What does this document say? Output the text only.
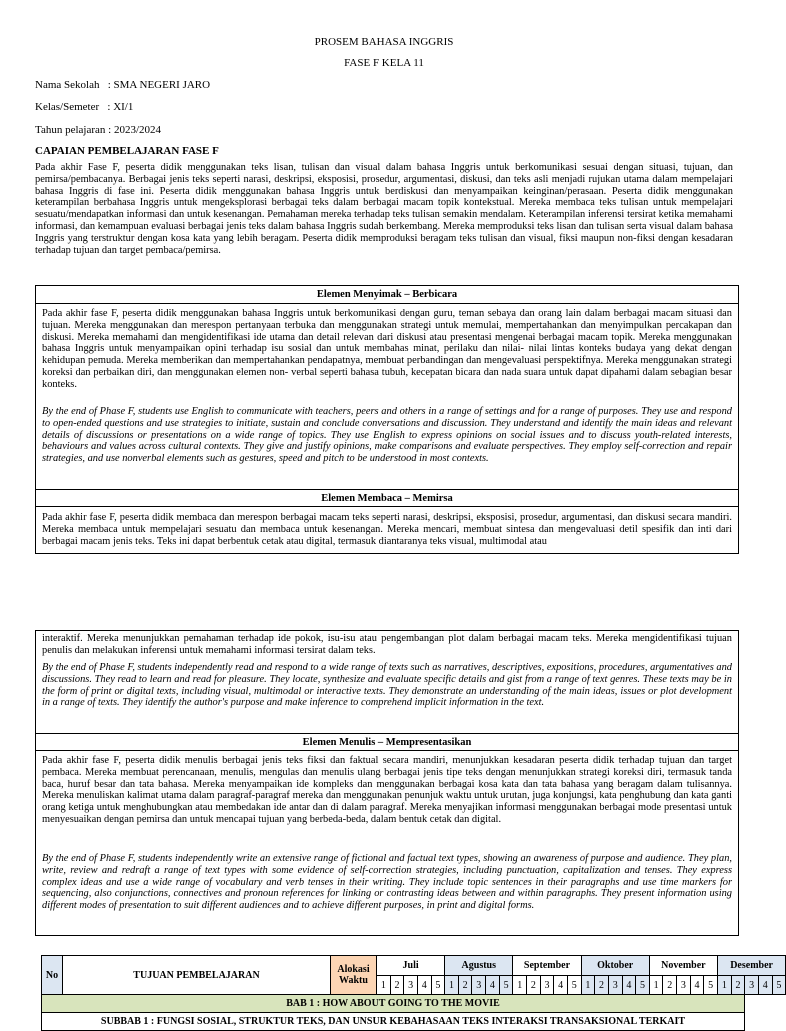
PROSEM BAHASA INGGRIS
FASE F KELA 11
Nama Sekolah   : SMA NEGERI JARO
Kelas/Semeter   : XI/1
Tahun pelajaran : 2023/2024
CAPAIAN PEMBELAJARAN FASE F

Pada akhir Fase F, peserta didik menggunakan teks lisan, tulisan dan visual dalam bahasa Inggris untuk berkomunikasi sesuai dengan situasi, tujuan, dan pemirsa/pembacanya. Berbagai jenis teks seperti narasi, deskripsi, eksposisi, prosedur, argumentasi, diskusi, dan teks asli menjadi rujukan utama dalam mempelajari bahasa Inggris di fase ini. Peserta didik menggunakan bahasa Inggris untuk berdiskusi dan menyampaikan keinginan/perasaan. Peserta didik menggunakan keterampilan berbahasa Inggris untuk mengeksplorasi berbagai teks dalam berbagai macam topik kontekstual. Mereka membaca teks tulisan untuk mempelajari sesuatu/mendapatkan informasi dan untuk kesenangan. Pemahaman mereka terhadap teks tulisan semakin mendalam. Keterampilan inferensi tersirat ketika memahami informasi, dan kemampuan evaluasi berbagai jenis teks dalam bahasa Inggris sudah berkembang. Mereka memproduksi teks lisan dan tulisan serta visual dalam bahasa Inggris yang terstruktur dengan kosa kata yang lebih beragam. Peserta didik memproduksi beragam teks tulisan dan visual, fiksi maupun non-fiksi dengan kesadaran terhadap tujuan dan target pembaca/pemirsa.

Elemen Menyimak – Berbicara

Pada akhir fase F, peserta didik menggunakan bahasa Inggris untuk berkomunikasi dengan guru, teman sebaya dan orang lain dalam berbagai macam situasi dan tujuan. Mereka menggunakan dan merespon pertanyaan terbuka dan menggunakan strategi untuk memulai, mempertahankan dan menyimpulkan percakapan dan diskusi. Mereka memahami dan mengidentifikasi ide utama dan detail relevan dari diskusi atau presentasi mengenai berbagai macam topik. Mereka menggunakan bahasa Inggris untuk menyampaikan opini terhadap isu sosial dan untuk membahas minat, perilaku dan nilai- nilai lintas konteks budaya yang dekat dengan kehidupan pemuda. Mereka memberikan dan mempertahankan pendapatnya, membuat perbandingan dan mengevaluasi perspektifnya. Mereka menggunakan strategi koreksi dan perbaikan diri, dan menggunakan elemen non- verbal seperti bahasa tubuh, kecepatan bicara dan nada suara untuk dapat dipahami dalam sebagian besar konteks.

By the end of Phase F, students use English to communicate with teachers, peers and others in a range of settings and for a range of purposes. They use and respond to open-ended questions and use strategies to initiate, sustain and conclude conversations and discussion. They understand and identify the main ideas and relevant details of discussions or presentations on a wide range of topics. They use English to express opinions on social issues and to discuss youth-related interests, behaviours and values across cultural contexts. They give and justify opinions, make comparisons and evaluate perspectives. They employ self-correction and repair strategies, and use nonverbal elements such as gestures, speed and pitch to be understood in most contexts.

Elemen Membaca – Memirsa

Pada akhir fase F, peserta didik membaca dan merespon berbagai macam teks seperti narasi, deskripsi, eksposisi, prosedur, argumentasi, dan diskusi secara mandiri. Mereka membaca untuk mempelajari sesuatu dan membaca untuk kesenangan. Mereka mencari, membuat sintesa dan mengevaluasi detil spesifik dan inti dari berbagai macam jenis teks. Teks ini dapat berbentuk cetak atau digital, termasuk diantaranya teks visual, multimodal atau

interaktif. Mereka menunjukkan pemahaman terhadap ide pokok, isu-isu atau pengembangan plot dalam berbagai macam teks. Mereka mengidentifikasi tujuan penulis dan melakukan inferensi untuk memahami informasi tersirat dalam teks.

By the end of Phase F, students independently read and respond to a wide range of texts such as narratives, descriptives, expositions, procedures, argumentatives and discussions. They read to learn and read for pleasure. They locate, synthesize and evaluate specific details and gist from a range of text genres. These texts may be in the form of print or digital texts, including visual, multimodal or interactive texts. They demonstrate an understanding of the main ideas, issues or plot development in a range of texts. They identify the author's purpose and make inference to comprehend implicit information in the text.

Elemen Menulis – Mempresentasikan

Pada akhir fase F, peserta didik menulis berbagai jenis teks fiksi dan faktual secara mandiri, menunjukkan kesadaran peserta didik terhadap tujuan dan target pembaca. Mereka membuat perencanaan, menulis, mengulas dan menulis ulang berbagai jenis tipe teks dengan menunjukkan strategi koreksi diri, termasuk tanda baca, huruf besar dan tata bahasa. Mereka menyampaikan ide kompleks dan menggunakan berbagai kosa kata dan tata bahasa yang beragam dalam tulisannya. Mereka menuliskan kalimat utama dalam paragraf-paragraf mereka dan menggunakan penunjuk waktu untuk urutan, juga konjungsi, kata penghubung dan kata ganti orang ketiga untuk menghubungkan atau membedakan ide antar dan di dalam paragraf. Mereka menyajikan informasi menggunakan berbagai mode presentasi untuk menyesuaikan dengan pemirsa dan untuk mencapai tujuan yang berbeda-beda, dalam bentuk cetak dan digital.

By the end of Phase F, students independently write an extensive range of fictional and factual text types, showing an awareness of purpose and audience. They plan, write, review and redraft a range of text types with some evidence of self-correction strategies, including punctuation, capitalization and tenses. They express complex ideas and use a wide range of vocabulary and verb tenses in their writing. They include topic sentences in their paragraphs and use time markers for sequencing, also conjunctions, connectives and pronoun references for linking or contrasting ideas between and within paragraphs. They present information using different modes of presentation to suit different audiences and to achieve different purposes, in print and digital forms.

No	TUJUAN PEMBELAJARAN	Alokasi Waktu
Juli
1 2 3 4 5
Agustus
1 2 3 4 5
September
1 2 3 4 5
Oktober
1 2 3 4 5
November
1 2 3 4 5
Desember
1 2 3 4 5
BAB 1 : HOW ABOUT GOING TO THE MOVIE
SUBBAB 1 : FUNGSI SOSIAL, STRUKTUR TEKS, DAN UNSUR KEBAHASAAN TEKS INTERAKSI TRANSAKSIONAL TERKAIT
